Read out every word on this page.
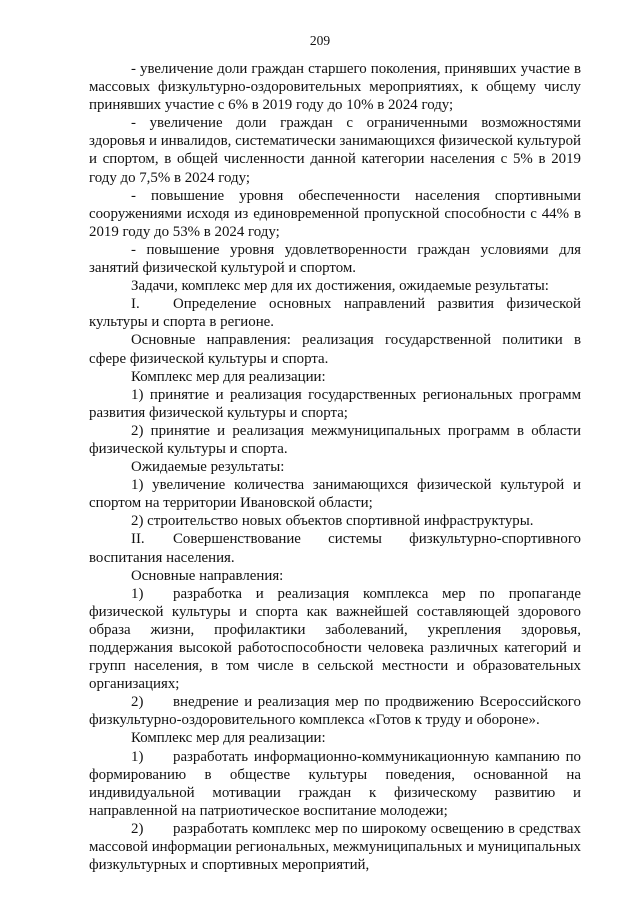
209

- увеличение доли граждан старшего поколения, принявших участие в массовых физкультурно-оздоровительных мероприятиях, к общему числу принявших участие с 6% в 2019 году до 10% в 2024 году;

- увеличение доли граждан с ограниченными возможностями здоровья и инвалидов, систематически занимающихся физической культурой и спортом, в общей численности данной категории населения с 5% в 2019 году до 7,5% в 2024 году;

- повышение уровня обеспеченности населения спортивными сооружениями исходя из единовременной пропускной способности с 44% в 2019 году до 53% в 2024 году;

- повышение уровня удовлетворенности граждан условиями для занятий физической культурой и спортом.

Задачи, комплекс мер для их достижения, ожидаемые результаты:

I. Определение основных направлений развития физической культуры и спорта в регионе.

Основные направления: реализация государственной политики в сфере физической культуры и спорта.

Комплекс мер для реализации:

1) принятие и реализация государственных региональных программ развития физической культуры и спорта;

2) принятие и реализация межмуниципальных программ в области физической культуры и спорта.

Ожидаемые результаты:

1) увеличение количества занимающихся физической культурой и спортом на территории Ивановской области;

2) строительство новых объектов спортивной инфраструктуры.

II. Совершенствование системы физкультурно-спортивного воспитания населения.

Основные направления:

1) разработка и реализация комплекса мер по пропаганде физической культуры и спорта как важнейшей составляющей здорового образа жизни, профилактики заболеваний, укрепления здоровья, поддержания высокой работоспособности человека различных категорий и групп населения, в том числе в сельской местности и образовательных организациях;

2) внедрение и реализация мер по продвижению Всероссийского физкультурно-оздоровительного комплекса «Готов к труду и обороне».

Комплекс мер для реализации:

1) разработать информационно-коммуникационную кампанию по формированию в обществе культуры поведения, основанной на индивидуальной мотивации граждан к физическому развитию и направленной на патриотическое воспитание молодежи;

2) разработать комплекс мер по широкому освещению в средствах массовой информации региональных, межмуниципальных и муниципальных физкультурных и спортивных мероприятий,
